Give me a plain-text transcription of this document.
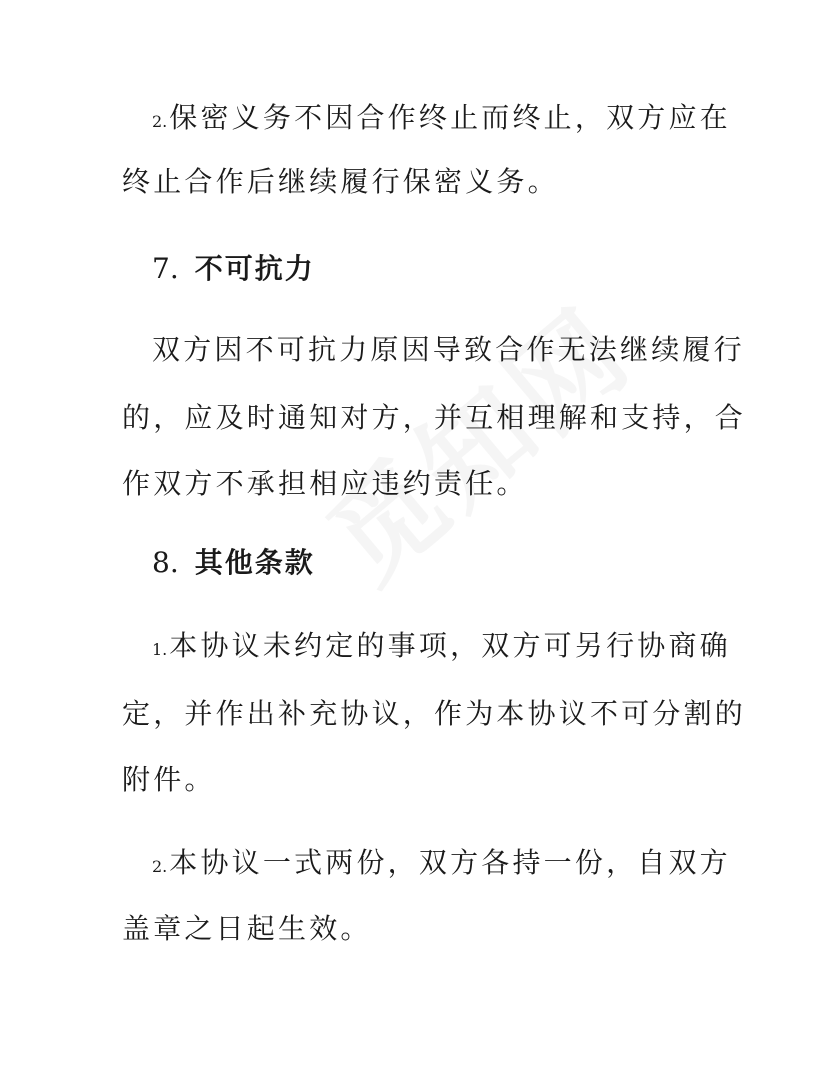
2.保密义务不因合作终止而终止，双方应在
终止合作后继续履行保密义务。
7. 不可抗力
双方因不可抗力原因导致合作无法继续履行
的，应及时通知对方，并互相理解和支持，合
作双方不承担相应违约责任。
8. 其他条款
1.本协议未约定的事项，双方可另行协商确
定，并作出补充协议，作为本协议不可分割的
附件。
2.本协议一式两份，双方各持一份，自双方
盖章之日起生效。
